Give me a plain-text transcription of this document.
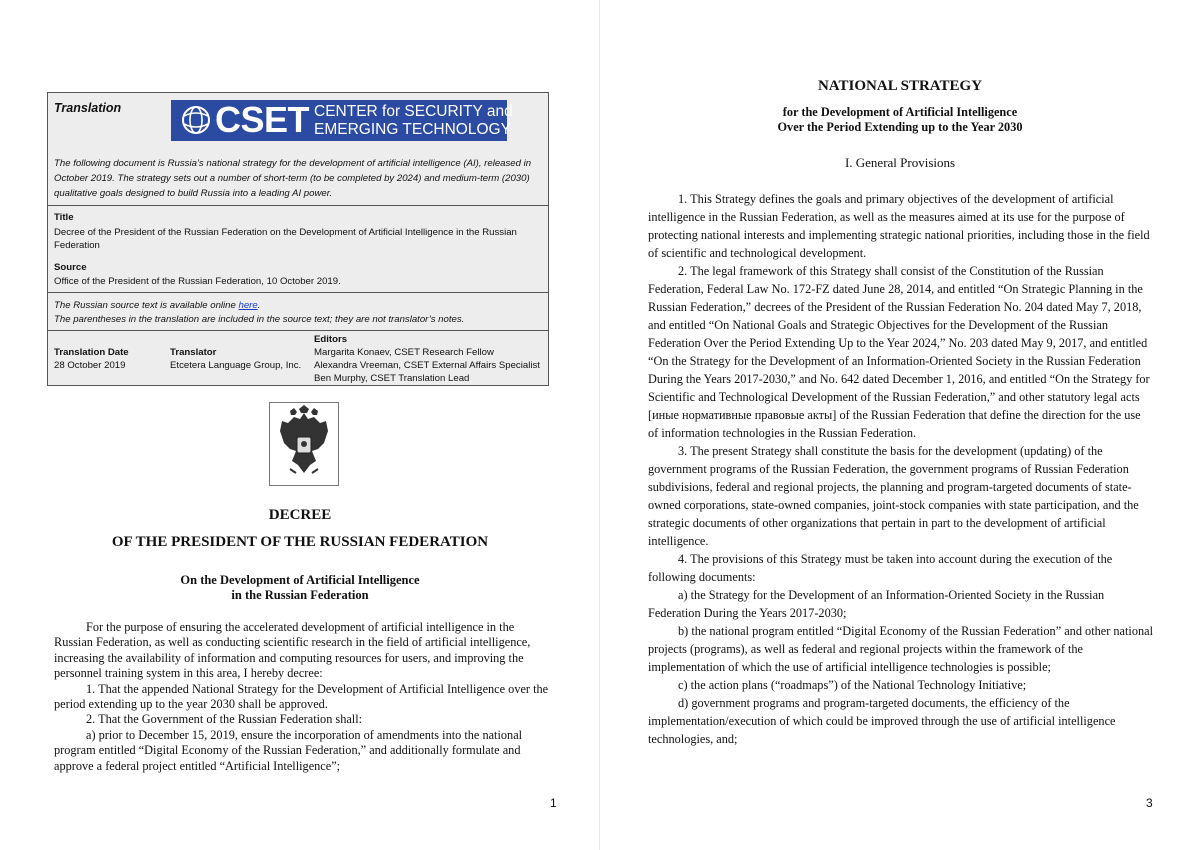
Translation	CSET CENTER for SECURITY and
EMERGING TECHNOLOGY
The following document is Russia’s national strategy for the development of artificial intelligence (AI), released in October 2019. The strategy sets out a number of short-term (to be completed by 2024) and medium-term (2030) qualitative goals designed to build Russia into a leading AI power.
Title
Decree of the President of the Russian Federation on the Development of Artificial Intelligence in the Russian Federation
Source
Office of the President of the Russian Federation, 10 October 2019.
The Russian source text is available online here.
The parentheses in the translation are included in the source text; they are not translator’s notes.
Editors
Translation Date
28 October 2019
Translator
Etcetera Language Group, Inc.
Margarita Konaev, CSET Research Fellow
Alexandra Vreeman, CSET External Affairs Specialist
Ben Murphy, CSET Translation Lead
DECREE
OF THE PRESIDENT OF THE RUSSIAN FEDERATION
On the Development of Artificial Intelligence
in the Russian Federation

For the purpose of ensuring the accelerated development of artificial intelligence in the Russian Federation, as well as conducting scientific research in the field of artificial intelligence, increasing the availability of information and computing resources for users, and improving the personnel training system in this area, I hereby decree:

1. That the appended National Strategy for the Development of Artificial Intelligence over the period extending up to the year 2030 shall be approved.

2. That the Government of the Russian Federation shall:

a) prior to December 15, 2019, ensure the incorporation of amendments into the national program entitled “Digital Economy of the Russian Federation,” and additionally formulate and approve a federal project entitled “Artificial Intelligence”;

1
NATIONAL STRATEGY
for the Development of Artificial Intelligence
Over the Period Extending up to the Year 2030
I. General Provisions

1. This Strategy defines the goals and primary objectives of the development of artificial intelligence in the Russian Federation, as well as the measures aimed at its use for the purpose of protecting national interests and implementing strategic national priorities, including those in the field of scientific and technological development.

2. The legal framework of this Strategy shall consist of the Constitution of the Russian Federation, Federal Law No. 172-FZ dated June 28, 2014, and entitled “On Strategic Planning in the Russian Federation,” decrees of the President of the Russian Federation No. 204 dated May 7, 2018, and entitled “On National Goals and Strategic Objectives for the Development of the Russian Federation Over the Period Extending Up to the Year 2024,” No. 203 dated May 9, 2017, and entitled “On the Strategy for the Development of an Information-Oriented Society in the Russian Federation During the Years 2017-2030,” and No. 642 dated December 1, 2016, and entitled “On the Strategy for Scientific and Technological Development of the Russian Federation,” and other statutory legal acts [иные нормативные правовые акты] of the Russian Federation that define the direction for the use of information technologies in the Russian Federation.

3. The present Strategy shall constitute the basis for the development (updating) of the government programs of the Russian Federation, the government programs of Russian Federation subdivisions, federal and regional projects, the planning and program-targeted documents of state-owned corporations, state-owned companies, joint-stock companies with state participation, and the strategic documents of other organizations that pertain in part to the development of artificial intelligence.

4. The provisions of this Strategy must be taken into account during the execution of the following documents:

a) the Strategy for the Development of an Information-Oriented Society in the Russian Federation During the Years 2017-2030;

b) the national program entitled “Digital Economy of the Russian Federation” and other national projects (programs), as well as federal and regional projects within the framework of the implementation of which the use of artificial intelligence technologies is possible;

c) the action plans (“roadmaps”) of the National Technology Initiative;

d) government programs and program-targeted documents, the efficiency of the implementation/execution of which could be improved through the use of artificial intelligence technologies, and;

3
